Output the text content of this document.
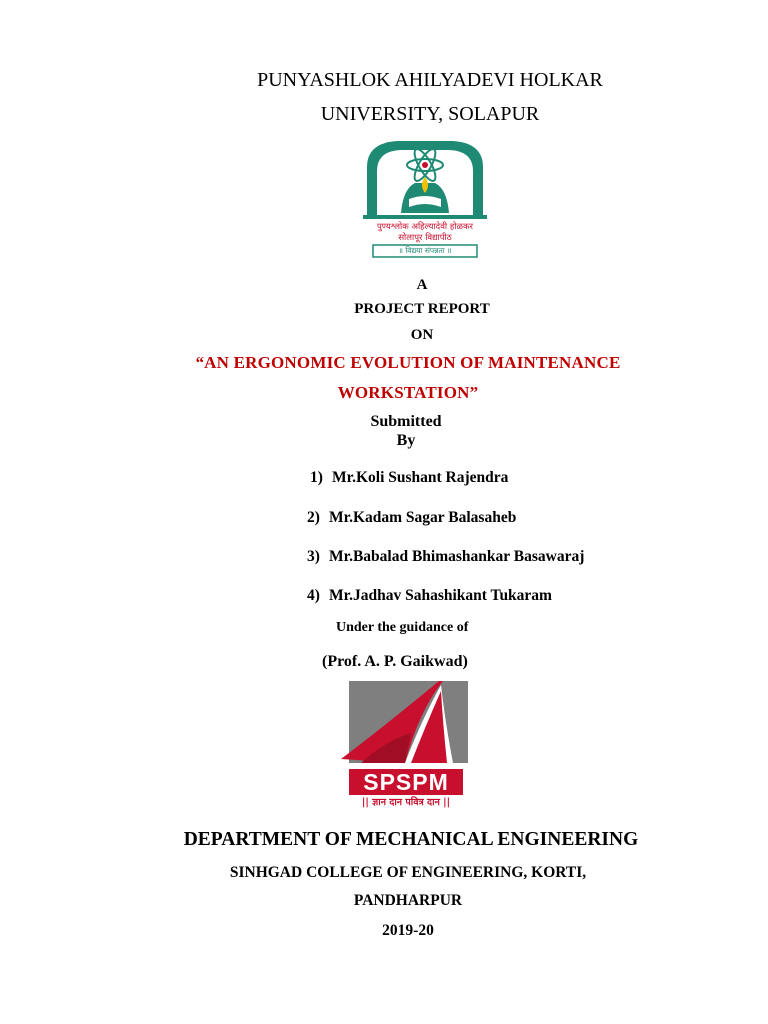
PUNYASHLOK AHILYADEVI HOLKAR
UNIVERSITY, SOLAPUR
पुण्यश्लोक अहिल्यादेवी होळकर
सोलापूर विद्यापीठ
॥ विद्यया संपन्नता ॥
A
PROJECT REPORT
ON
“AN ERGONOMIC EVOLUTION OF MAINTENANCE
WORKSTATION”
Submitted
By
1) Mr.Koli Sushant Rajendra
2) Mr.Kadam Sagar Balasaheb
3) Mr.Babalad Bhimashankar Basawaraj
4) Mr.Jadhav Sahashikant Tukaram
Under the guidance of
(Prof. A. P. Gaikwad)
SPSPM
|| ज्ञान दान पवित्र दान ||
DEPARTMENT OF MECHANICAL ENGINEERING
SINHGAD COLLEGE OF ENGINEERING, KORTI,
PANDHARPUR
2019-20
